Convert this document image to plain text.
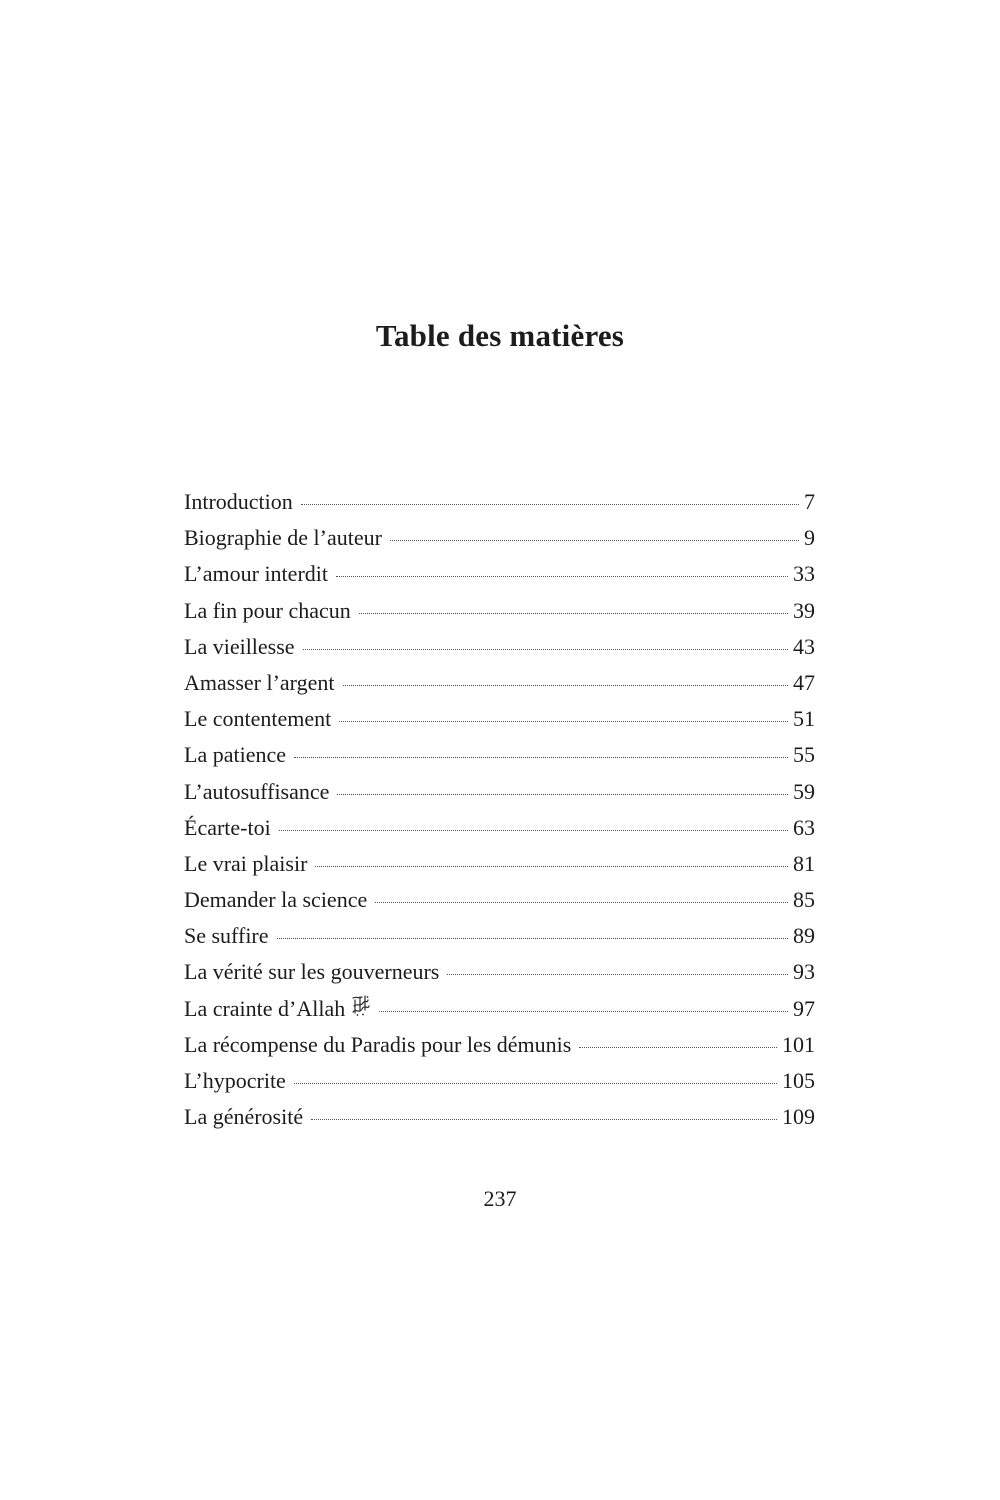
Table des matières
Introduction	7
Biographie de l’auteur	9
L’amour interdit	33
La fin pour chacun	39
La vieillesse	43
Amasser l’argent	47
Le contentement	51
La patience	55
L’autosuffisance	59
Écarte-toi	63
Le vrai plaisir	81
Demander la science	85
Se suffire	89
La vérité sur les gouverneurs	93
La crainte d’Allah	97
La récompense du Paradis pour les démunis	101
L’hypocrite	105
La générosité	109

237
